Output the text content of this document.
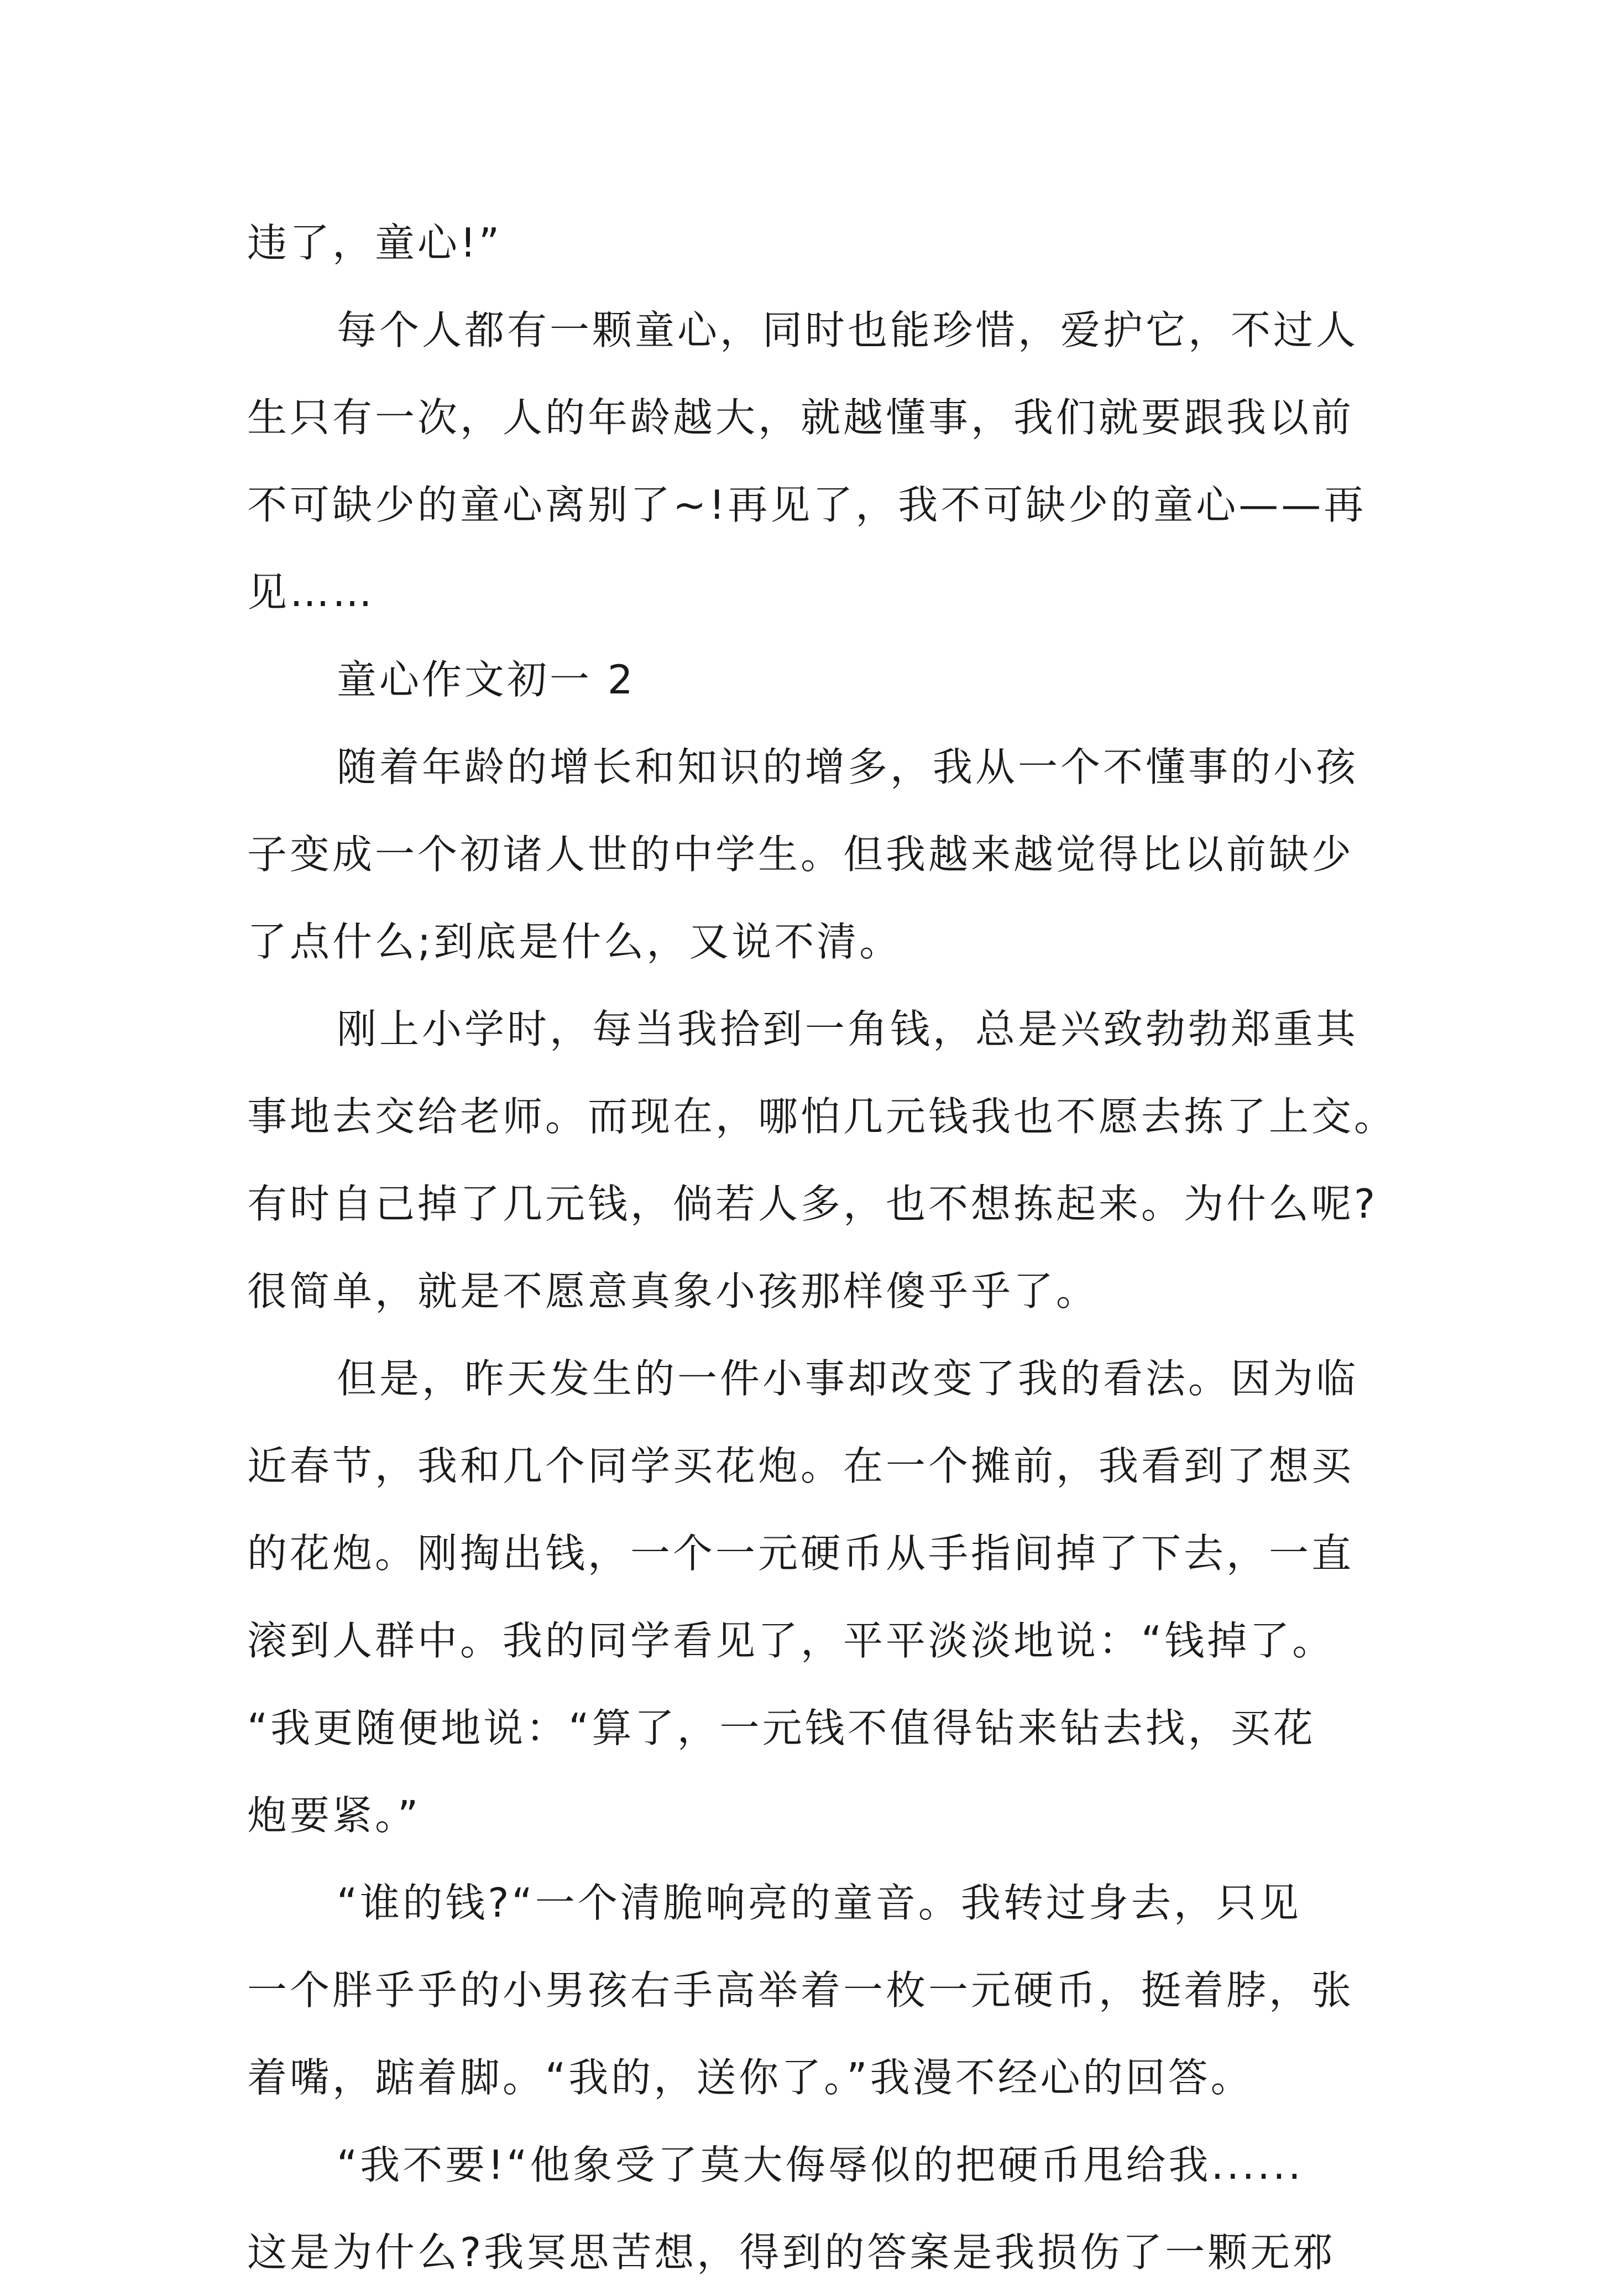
违了，童心!”
每个人都有一颗童心，同时也能珍惜，爱护它，不过人
生只有一次，人的年龄越大，就越懂事，我们就要跟我以前
不可缺少的童心离别了~!再见了，我不可缺少的童心——再
见……
童心作文初一 2
随着年龄的增长和知识的增多，我从一个不懂事的小孩
子变成一个初诸人世的中学生。但我越来越觉得比以前缺少
了点什么;到底是什么，又说不清。
刚上小学时，每当我拾到一角钱，总是兴致勃勃郑重其
事地去交给老师。而现在，哪怕几元钱我也不愿去拣了上交。
有时自己掉了几元钱，倘若人多，也不想拣起来。为什么呢?
很简单，就是不愿意真象小孩那样傻乎乎了。
但是，昨天发生的一件小事却改变了我的看法。因为临
近春节，我和几个同学买花炮。在一个摊前，我看到了想买
的花炮。刚掏出钱，一个一元硬币从手指间掉了下去，一直
滚到人群中。我的同学看见了，平平淡淡地说：“钱掉了。
“我更随便地说：“算了，一元钱不值得钻来钻去找，买花
炮要紧。”
“谁的钱?“一个清脆响亮的童音。我转过身去，只见
一个胖乎乎的小男孩右手高举着一枚一元硬币，挺着脖，张
着嘴，踮着脚。“我的，送你了。”我漫不经心的回答。
“我不要!“他象受了莫大侮辱似的把硬币甩给我......
这是为什么?我冥思苦想，得到的答案是我损伤了一颗无邪
